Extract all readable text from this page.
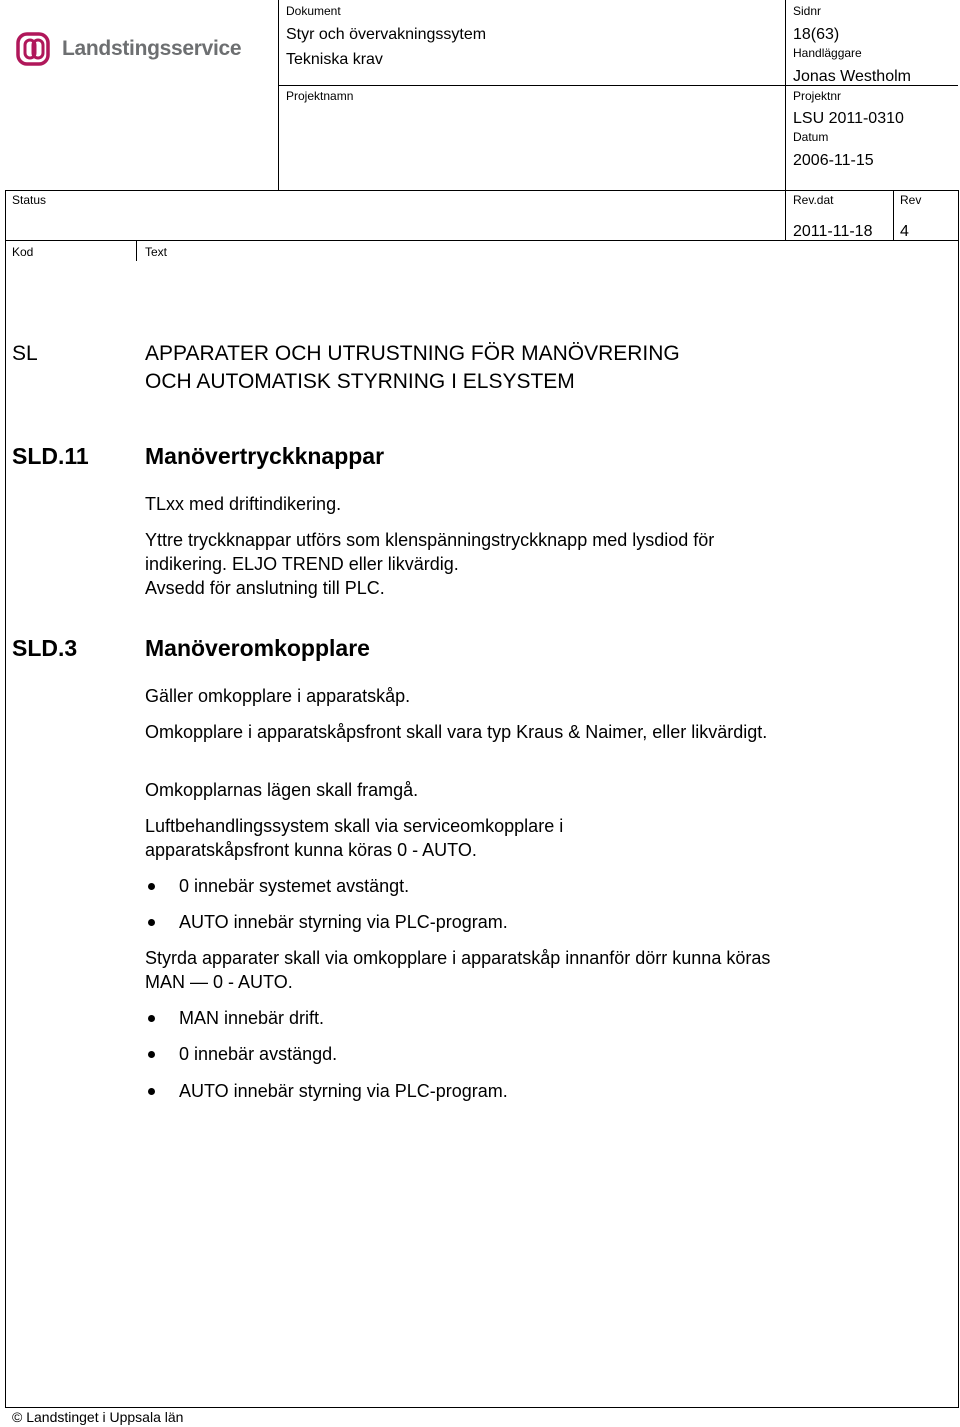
Landstingsservice
Dokument
Styr och övervakningssytem
Tekniska krav
Sidnr
18(63)
Handläggare
Jonas Westholm
Projektnamn	Projektnr
LSU 2011-0310
Datum
2006-11-15
Status	Rev.dat	Rev
2011-11-18 4
Kod	Text
SL	APPARATER OCH UTRUSTNING FÖR MANÖVRERING
OCH AUTOMATISK STYRNING I ELSYSTEM
SLD.11 Manövertryckknappar
TLxx med driftindikering.
Yttre tryckknappar utförs som klenspänningstryckknapp med lysdiod för indikering. ELJO TREND eller likvärdig.
Avsedd för anslutning till PLC.
SLD.3	Manöveromkopplare
Gäller omkopplare i apparatskåp.
Omkopplare i apparatskåpsfront skall vara typ Kraus & Naimer, eller likvärdigt.
Omkopplarnas lägen skall framgå.
Luftbehandlingssystem skall via serviceomkopplare i apparatskåpsfront kunna köras 0 - AUTO.
0 innebär systemet avstängt.
AUTO innebär styrning via PLC-program.
Styrda apparater skall via omkopplare i apparatskåp innanför dörr kunna köras MAN — 0 - AUTO.
MAN innebär drift.
0 innebär avstängd.
AUTO innebär styrning via PLC-program.
© Landstinget i Uppsala län
